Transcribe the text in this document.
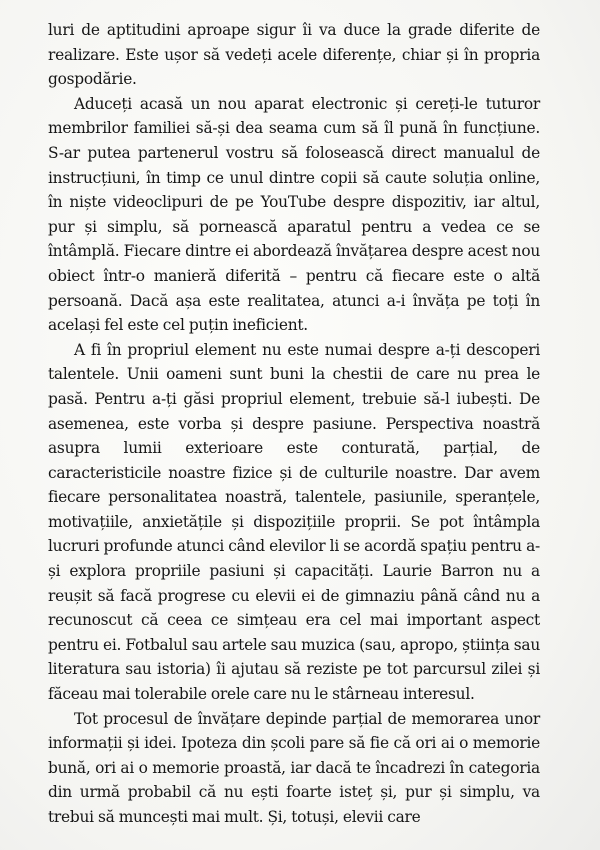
luri de aptitudini aproape sigur îi va duce la grade diferite de realizare. Este ușor să vedeți acele diferențe, chiar și în propria gospodărie.

Aduceți acasă un nou aparat electronic și cereți-le tuturor membrilor familiei să-și dea seama cum să îl pună în funcțiune. S-ar putea partenerul vostru să folosească direct manualul de instrucțiuni, în timp ce unul dintre copii să caute soluția online, în niște videoclipuri de pe YouTube despre dispozitiv, iar altul, pur și simplu, să pornească aparatul pentru a vedea ce se întâmplă. Fiecare dintre ei abordează învățarea despre acest nou obiect într-o manieră diferită – pentru că fiecare este o altă persoană. Dacă așa este realitatea, atunci a-i învăța pe toți în același fel este cel puțin ineficient.

A fi în propriul element nu este numai despre a-ți descoperi talentele. Unii oameni sunt buni la chestii de care nu prea le pasă. Pentru a-ți găsi propriul element, trebuie să-l iubești. De asemenea, este vorba și despre pasiune. Perspectiva noastră asupra lumii exterioare este conturată, parțial, de caracteristicile noastre fizice și de culturile noastre. Dar avem fiecare personalitatea noastră, talentele, pasiunile, speranțele, motivațiile, anxietățile și dispozițiile proprii. Se pot întâmpla lucruri profunde atunci când elevilor li se acordă spațiu pentru a-și explora propriile pasiuni și capacități. Laurie Barron nu a reușit să facă progrese cu elevii ei de gimnaziu până când nu a recunoscut că ceea ce simțeau era cel mai important aspect pentru ei. Fotbalul sau artele sau muzica (sau, apropo, știința sau literatura sau istoria) îi ajutau să reziste pe tot parcursul zilei și făceau mai tolerabile orele care nu le stârneau interesul.

Tot procesul de învățare depinde parțial de memorarea unor informații și idei. Ipoteza din școli pare să fie că ori ai o memorie bună, ori ai o memorie proastă, iar dacă te încadrezi în categoria din urmă probabil că nu ești foarte isteț și, pur și simplu, va trebui să muncești mai mult. Și, totuși, elevii care
